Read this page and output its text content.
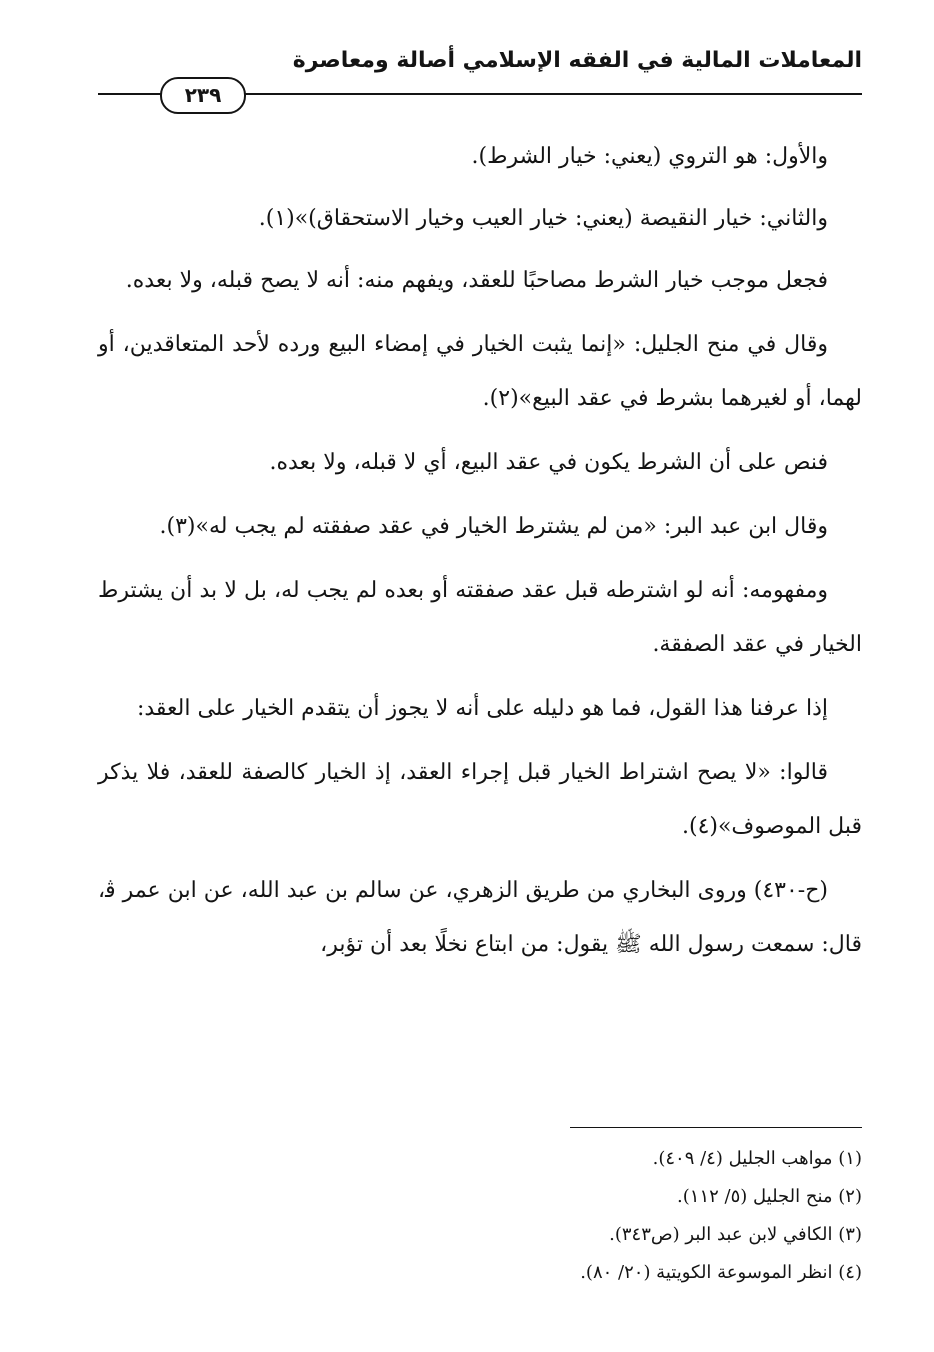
المعاملات المالية في الفقه الإسلامي أصالة ومعاصرة
٢٣٩

والأول: هو التروي (يعني: خيار الشرط).

والثاني: خيار النقيصة (يعني: خيار العيب وخيار الاستحقاق)»(١).

فجعل موجب خيار الشرط مصاحبًا للعقد، ويفهم منه: أنه لا يصح قبله، ولا بعده.

وقال في منح الجليل: «إنما يثبت الخيار في إمضاء البيع ورده لأحد المتعاقدين، أو لهما، أو لغيرهما بشرط في عقد البيع»(٢).

فنص على أن الشرط يكون في عقد البيع، أي لا قبله، ولا بعده.

وقال ابن عبد البر: «من لم يشترط الخيار في عقد صفقته لم يجب له»(٣).

ومفهومه: أنه لو اشترطه قبل عقد صفقته أو بعده لم يجب له، بل لا بد أن يشترط الخيار في عقد الصفقة.

إذا عرفنا هذا القول، فما هو دليله على أنه لا يجوز أن يتقدم الخيار على العقد:

قالوا: «لا يصح اشتراط الخيار قبل إجراء العقد، إذ الخيار كالصفة للعقد، فلا يذكر قبل الموصوف»(٤).

(ح-٤٣٠) وروى البخاري من طريق الزهري، عن سالم بن عبد الله، عن ابن عمر ﭬ، قال: سمعت رسول الله ﷺ يقول: من ابتاع نخلًا بعد أن تؤبر،

(١) مواهب الجليل (٤/ ٤٠٩).
(٢) منح الجليل (٥/ ١١٢).
(٣) الكافي لابن عبد البر (ص٣٤٣).
(٤) انظر الموسوعة الكويتية (٢٠/ ٨٠).
